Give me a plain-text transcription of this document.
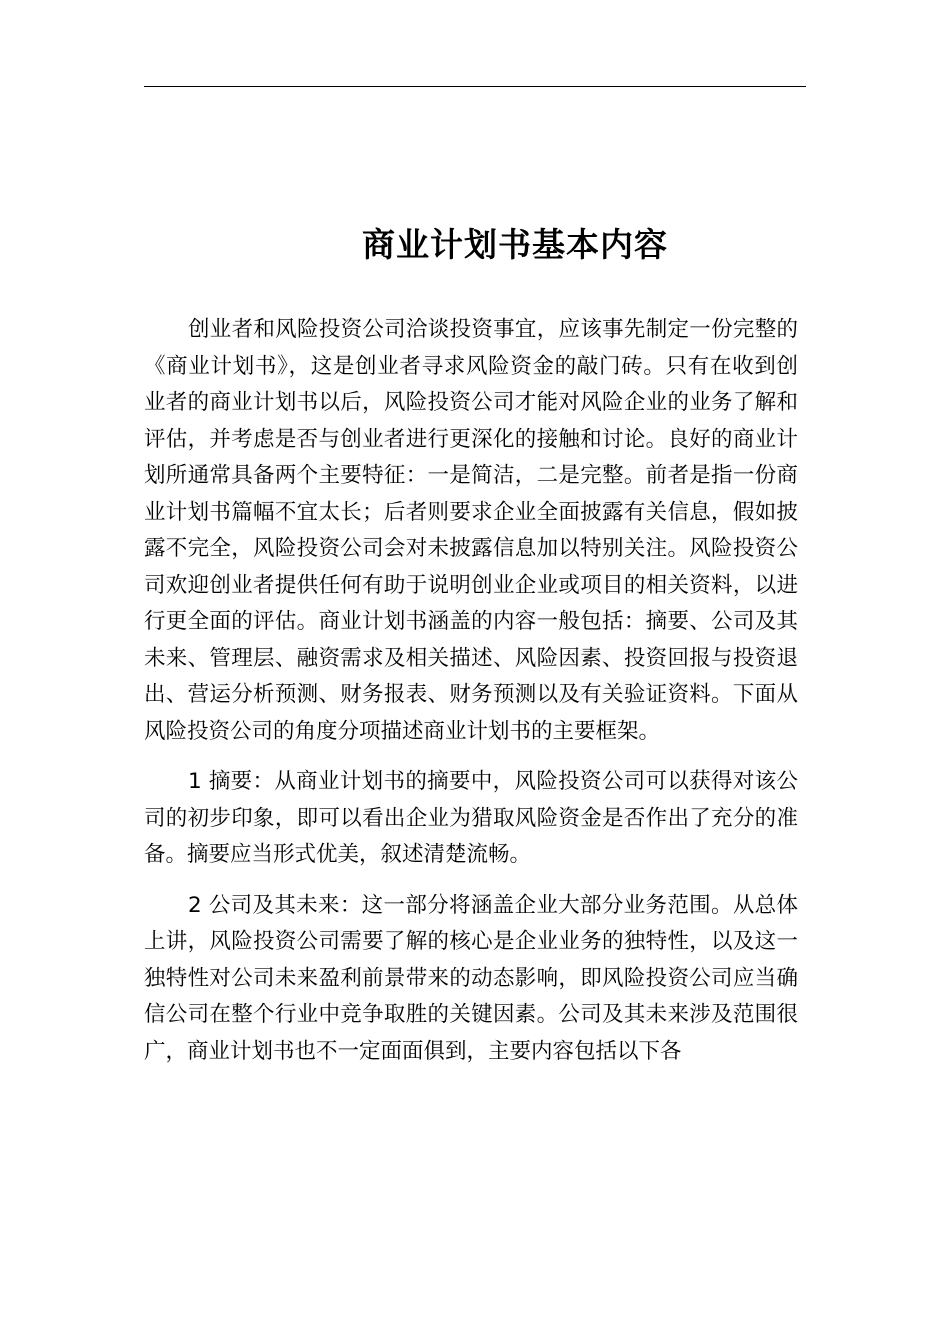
商业计划书基本内容

创业者和风险投资公司洽谈投资事宜，应该事先制定一份完整的《商业计划书》，这是创业者寻求风险资金的敲门砖。只有在收到创业者的商业计划书以后，风险投资公司才能对风险企业的业务了解和评估，并考虑是否与创业者进行更深化的接触和讨论。良好的商业计划所通常具备两个主要特征：一是简洁，二是完整。前者是指一份商业计划书篇幅不宜太长；后者则要求企业全面披露有关信息，假如披露不完全，风险投资公司会对未披露信息加以特别关注。风险投资公司欢迎创业者提供任何有助于说明创业企业或项目的相关资料，以进行更全面的评估。商业计划书涵盖的内容一般包括：摘要、公司及其未来、管理层、融资需求及相关描述、风险因素、投资回报与投资退出、营运分析预测、财务报表、财务预测以及有关验证资料。下面从风险投资公司的角度分项描述商业计划书的主要框架。

1 摘要：从商业计划书的摘要中，风险投资公司可以获得对该公司的初步印象，即可以看出企业为猎取风险资金是否作出了充分的准备。摘要应当形式优美，叙述清楚流畅。

2 公司及其未来：这一部分将涵盖企业大部分业务范围。从总体上讲，风险投资公司需要了解的核心是企业业务的独特性，以及这一独特性对公司未来盈利前景带来的动态影响，即风险投资公司应当确信公司在整个行业中竞争取胜的关键因素。公司及其未来涉及范围很广，商业计划书也不一定面面俱到，主要内容包括以下各
